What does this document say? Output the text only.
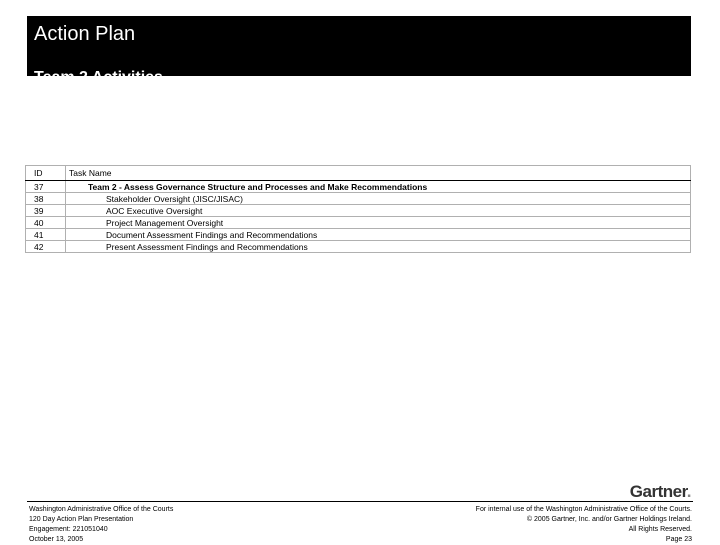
Action Plan
Team 2 Activities
ID	Task Name
37	Team 2 - Assess Governance Structure and Processes and Make Recommendations
38	Stakeholder Oversight (JISC/JISAC)
39	AOC Executive Oversight
40	Project Management Oversight
41	Document Assessment Findings and Recommendations
42	Present Assessment Findings and Recommendations
Gartner.
Washington Administrative Office of the Courts
120 Day Action Plan Presentation
Engagement: 221051040
October 13, 2005
For internal use of the Washington Administrative Office of the Courts.
© 2005 Gartner, Inc. and/or Gartner Holdings Ireland.
All Rights Reserved.
Page 23
